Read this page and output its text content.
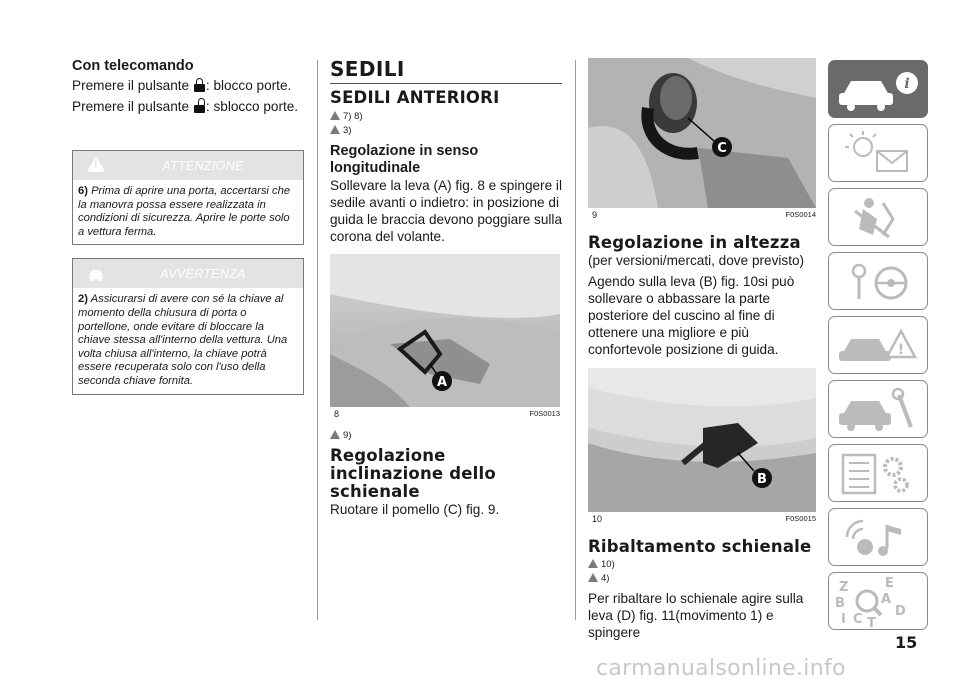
Con telecomando
Premere il pulsante : blocco porte.
Premere il pulsante : sblocco porte.
!	ATTENZIONE
6) Prima di aprire una porta, accertarsi che la manovra possa essere realizzata in condizioni di sicurezza. Aprire le porte solo a vettura ferma.
!	AVVERTENZA
2) Assicurarsi di avere con sé la chiave al momento della chiusura di porta o portellone, onde evitare di bloccare la chiave stessa all'interno della vettura. Una volta chiusa all'interno, la chiave potrà essere recuperata solo con l'uso della seconda chiave fornita.
SEDILI
SEDILI ANTERIORI
7) 8)
3)
Regolazione in senso longitudinale
Sollevare la leva (A) fig. 8 e spingere il sedile avanti o indietro: in posizione di guida le braccia devono poggiare sulla corona del volante.
A
8	F0S0013
9)
Regolazione inclinazione dello schienale
Ruotare il pomello (C) fig. 9.
C
9	F0S0014
Regolazione in altezza
(per versioni/mercati, dove previsto)
Agendo sulla leva (B) fig. 10si può sollevare o abbassare la parte posteriore del cuscino al fine di ottenere una migliore e più confortevole posizione di guida.
B
10	F0S0015
Ribaltamento schienale
10)
4)
Per ribaltare lo schienale agire sulla leva (D) fig. 11(movimento 1) e spingere
i
!
Z	E
B	A
D
I C T
15
carmanualsonline.info
